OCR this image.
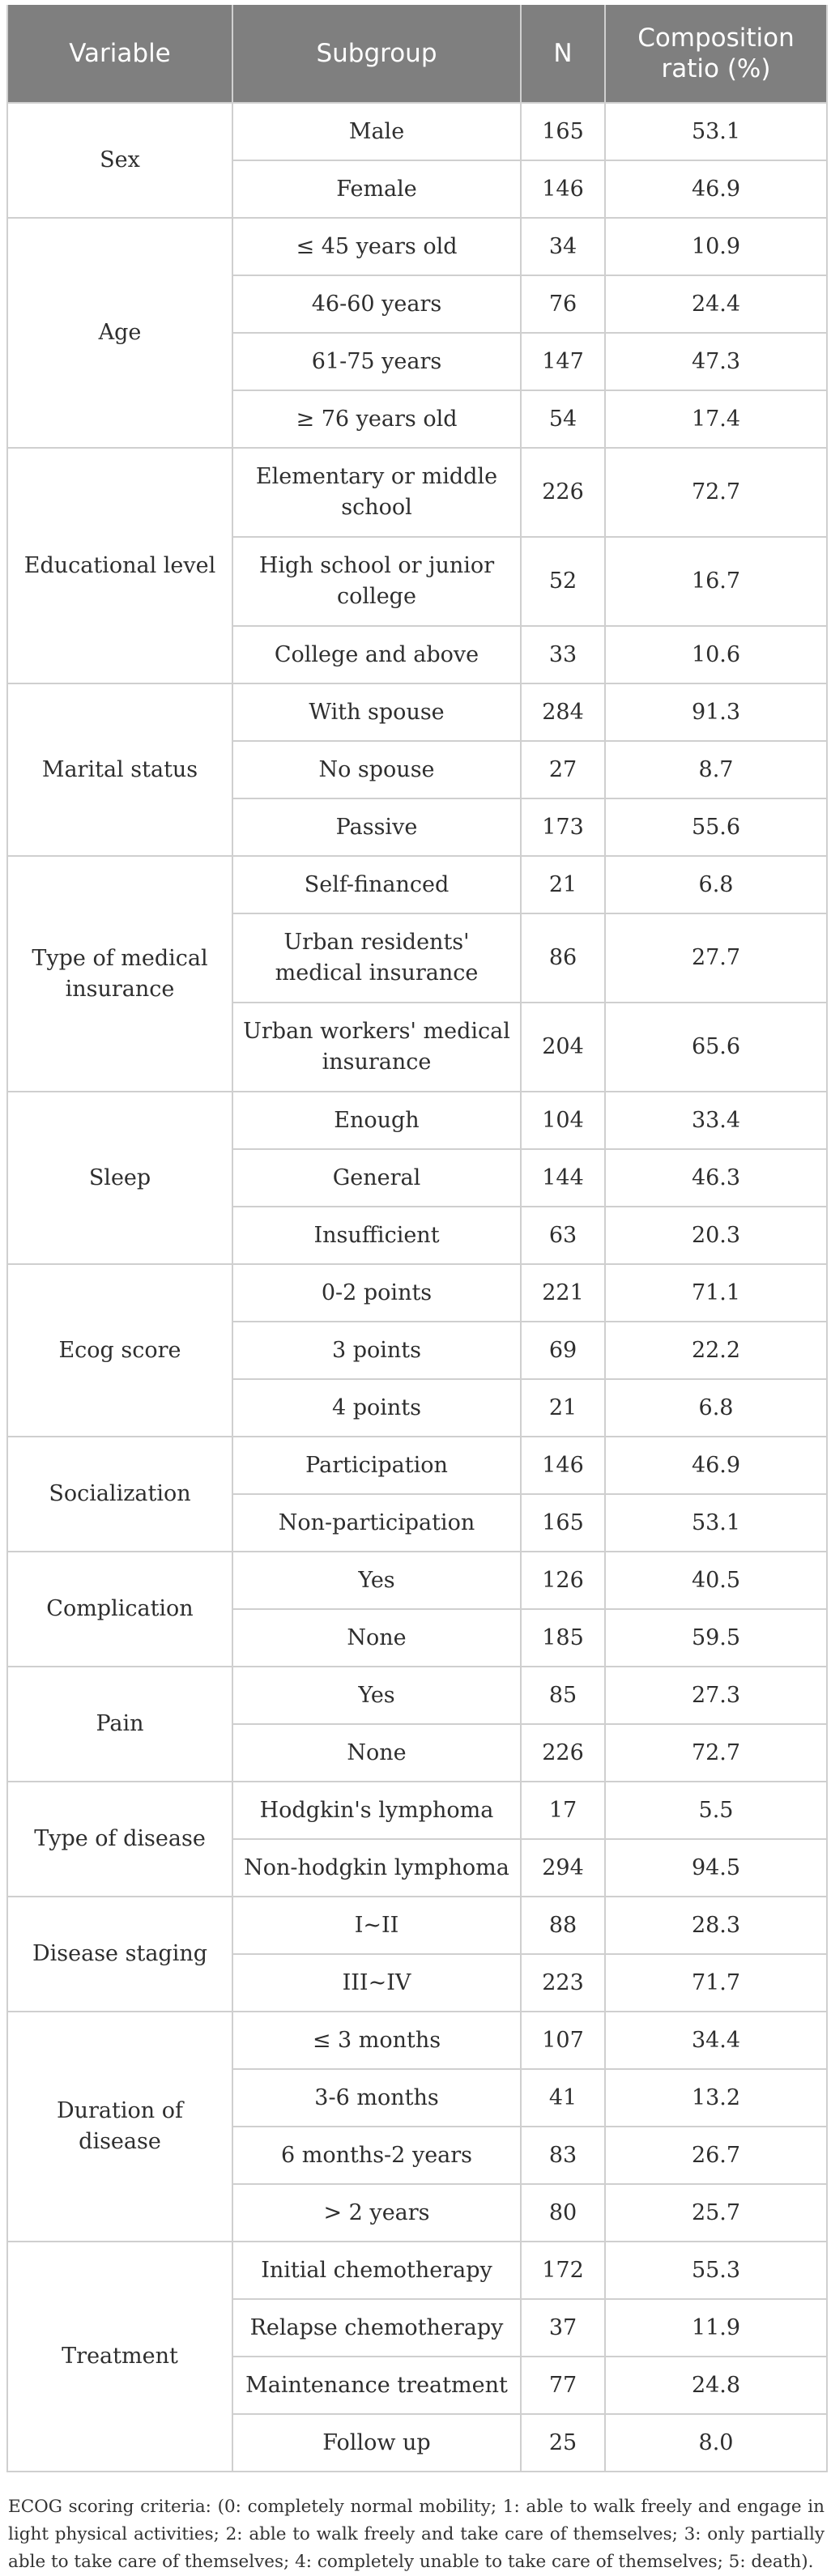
Variable	Subgroup	N	Composition ratio (%)
Sex	Male	165	53.1
	Female	146	46.9
Age	≤ 45 years old	34	10.9
	46-60 years	76	24.4
	61-75 years	147	47.3
	≥ 76 years old	54	17.4
Educational level	Elementary or middle school	226	72.7
	High school or junior college	52	16.7
	College and above	33	10.6
Marital status	With spouse	284	91.3
	No spouse	27	8.7
	Passive	173	55.6
Type of medical insurance	Self-financed	21	6.8
	Urban residents' medical insurance	86	27.7
	Urban workers' medical insurance	204	65.6
Sleep	Enough	104	33.4
	General	144	46.3
	Insufficient	63	20.3
Ecog score	0-2 points	221	71.1
	3 points	69	22.2
	4 points	21	6.8
Socialization	Participation	146	46.9
	Non-participation	165	53.1
Complication	Yes	126	40.5
	None	185	59.5
Pain	Yes	85	27.3
	None	226	72.7
Type of disease	Hodgkin's lymphoma	17	5.5
	Non-hodgkin lymphoma	294	94.5
Disease staging	I~II	88	28.3
	III~IV	223	71.7
Duration of disease	≤ 3 months	107	34.4
	3-6 months	41	13.2
	6 months-2 years	83	26.7
	> 2 years	80	25.7
Treatment	Initial chemotherapy	172	55.3
	Relapse chemotherapy	37	11.9
	Maintenance treatment	77	24.8
	Follow up	25	8.0
ECOG scoring criteria: (0: completely normal mobility; 1: able to walk freely and engage in light physical activities; 2: able to walk freely and take care of themselves; 3: only partially able to take care of themselves; 4: completely unable to take care of themselves; 5: death).
